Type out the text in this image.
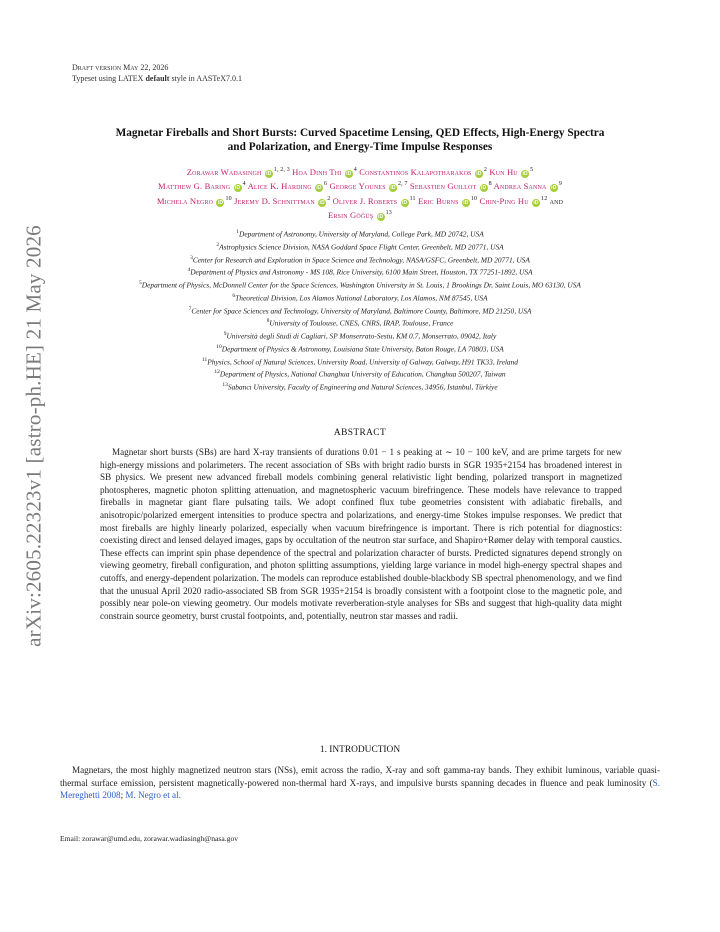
arXiv:2605.22323v1 [astro-ph.HE] 21 May 2026
Draft version May 22, 2026
Typeset using LATEX default style in AASTeX7.0.1
Magnetar Fireballs and Short Bursts: Curved Spacetime Lensing, QED Effects, High-Energy Spectra
and Polarization, and Energy-Time Impulse Responses
Zorawar Wadasingh iD$^{1, 2, 3}$ Hoa Dinh Thi $iD^4$ Constantinos Kalapotharakos $iD^2$ Kun Hu $iD^5$
Matthew G. Baring $iD^4$ Alice K. Harding $iD^6$ George Younes iD$^{2, 7}$ Sebastien Guillot $iD^8$ Andrea Sanna $iD^9$
Michela Negro $iD^{10}$ Jeremy D. Schnittman $iD^2$ Oliver J. Roberts $iD^{11}$ Eric Burns $iD^{10}$ Chin-Ping Hu $iD^{12}$ and
Ersin Göğüş $iD^{13}$
$^1$Department of Astronomy, University of Maryland, College Park, MD 20742, USA
$^2$Astrophysics Science Division, NASA Goddard Space Flight Center, Greenbelt, MD 20771, USA
$^3$Center for Research and Exploration in Space Science and Technology, NASA/GSFC, Greenbelt, MD 20771, USA
$^4$Department of Physics and Astronomy - MS 108, Rice University, 6100 Main Street, Houston, TX 77251-1892, USA
$^5$Department of Physics, McDonnell Center for the Space Sciences, Washington University in St. Louis, 1 Brookings Dr, Saint Louis, MO 63130, USA
$^6$Theoretical Division, Los Alamos National Laboratory, Los Alamos, NM 87545, USA
$^7$Center for Space Sciences and Technology, University of Maryland, Baltimore County, Baltimore, MD 21250, USA
$^8$University of Toulouse, CNES, CNRS, IRAP, Toulouse, France
$^9$Università degli Studi di Cagliari, SP Monserrato-Sestu, KM 0.7, Monserrato, 09042, Italy
$^{10}$Department of Physics & Astronomy, Louisiana State University, Baton Rouge, LA 70803, USA
$^{11}$Physics, School of Natural Sciences, University Road, University of Galway, Galway, H91 TK33, Ireland
$^{12}$Department of Physics, National Changhua University of Education, Changhua 500207, Taiwan
$^{13}$Sabancı University, Faculty of Engineering and Natural Sciences, 34956, Istanbul, Türkiye
ABSTRACT
Magnetar short bursts (SBs) are hard X-ray transients of durations 0.01 − 1 s peaking at ∼ 10 − 100 keV, and are prime targets for new high-energy missions and polarimeters. The recent association of SBs with bright radio bursts in SGR 1935+2154 has broadened interest in SB physics. We present new advanced fireball models combining general relativistic light bending, polarized transport in magnetized photospheres, magnetic photon splitting attenuation, and magnetospheric vacuum birefringence. These models have relevance to trapped fireballs in magnetar giant flare pulsating tails. We adopt confined flux tube geometries consistent with adiabatic fireballs, and anisotropic/polarized emergent intensities to produce spectra and polarizations, and energy-time Stokes impulse responses. We predict that most fireballs are highly linearly polarized, especially when vacuum birefringence is important. There is rich potential for diagnostics: coexisting direct and lensed delayed images, gaps by occultation of the neutron star surface, and Shapiro+Rømer delay with temporal caustics. These effects can imprint spin phase dependence of the spectral and polarization character of bursts. Predicted signatures depend strongly on viewing geometry, fireball configuration, and photon splitting assumptions, yielding large variance in model high-energy spectral shapes and cutoffs, and energy-dependent polarization. The models can reproduce established double-blackbody SB spectral phenomenology, and we find that the unusual April 2020 radio-associated SB from SGR 1935+2154 is broadly consistent with a footpoint close to the magnetic pole, and possibly near pole-on viewing geometry. Our models motivate reverberation-style analyses for SBs and suggest that high-quality data might constrain source geometry, burst crustal footpoints, and, potentially, neutron star masses and radii.
1. INTRODUCTION
Magnetars, the most highly magnetized neutron stars (NSs), emit across the radio, X-ray and soft gamma-ray bands. They exhibit luminous, variable quasi-thermal surface emission, persistent magnetically-powered non-thermal hard X-rays, and impulsive bursts spanning decades in fluence and peak luminosity (S. Mereghetti 2008; M. Negro et al.
Email: zorawar@umd.edu, zorawar.wadiasingh@nasa.gov
